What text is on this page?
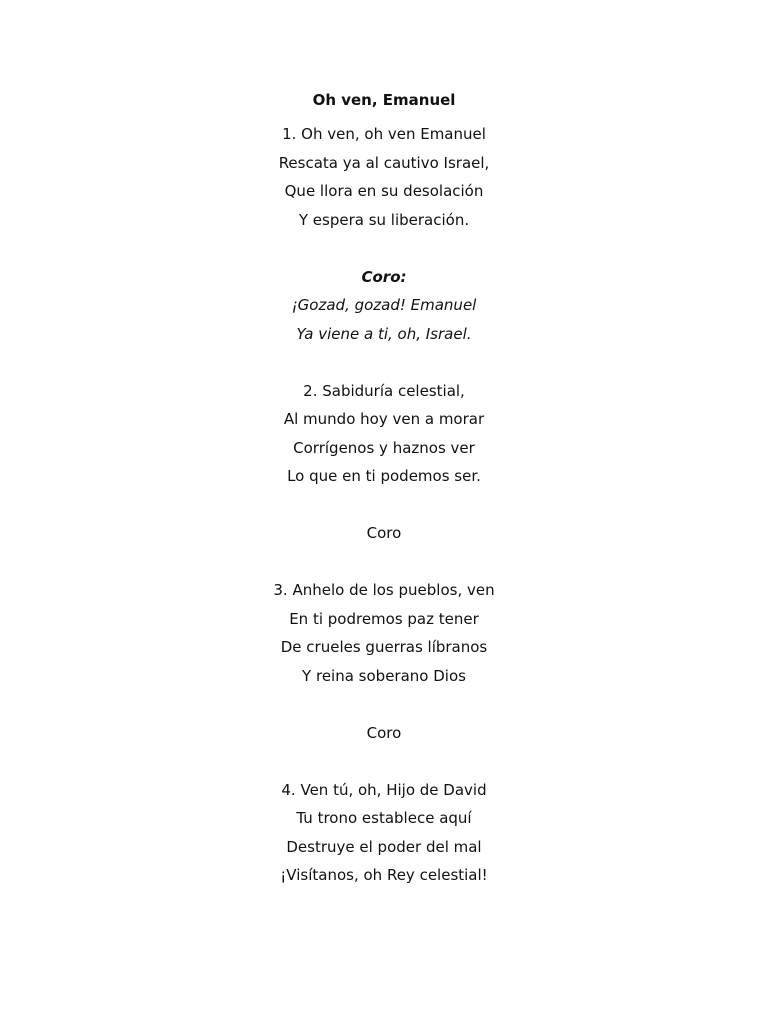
Oh ven, Emanuel
1. Oh ven, oh ven Emanuel
Rescata ya al cautivo Israel,
Que llora en su desolación
Y espera su liberación.
Coro:
¡Gozad, gozad! Emanuel
Ya viene a ti, oh, Israel.
2. Sabiduría celestial,
Al mundo hoy ven a morar
Corrígenos y haznos ver
Lo que en ti podemos ser.
Coro
3. Anhelo de los pueblos, ven
En ti podremos paz tener
De crueles guerras líbranos
Y reina soberano Dios
Coro
4. Ven tú, oh, Hijo de David
Tu trono establece aquí
Destruye el poder del mal
¡Visítanos, oh Rey celestial!
